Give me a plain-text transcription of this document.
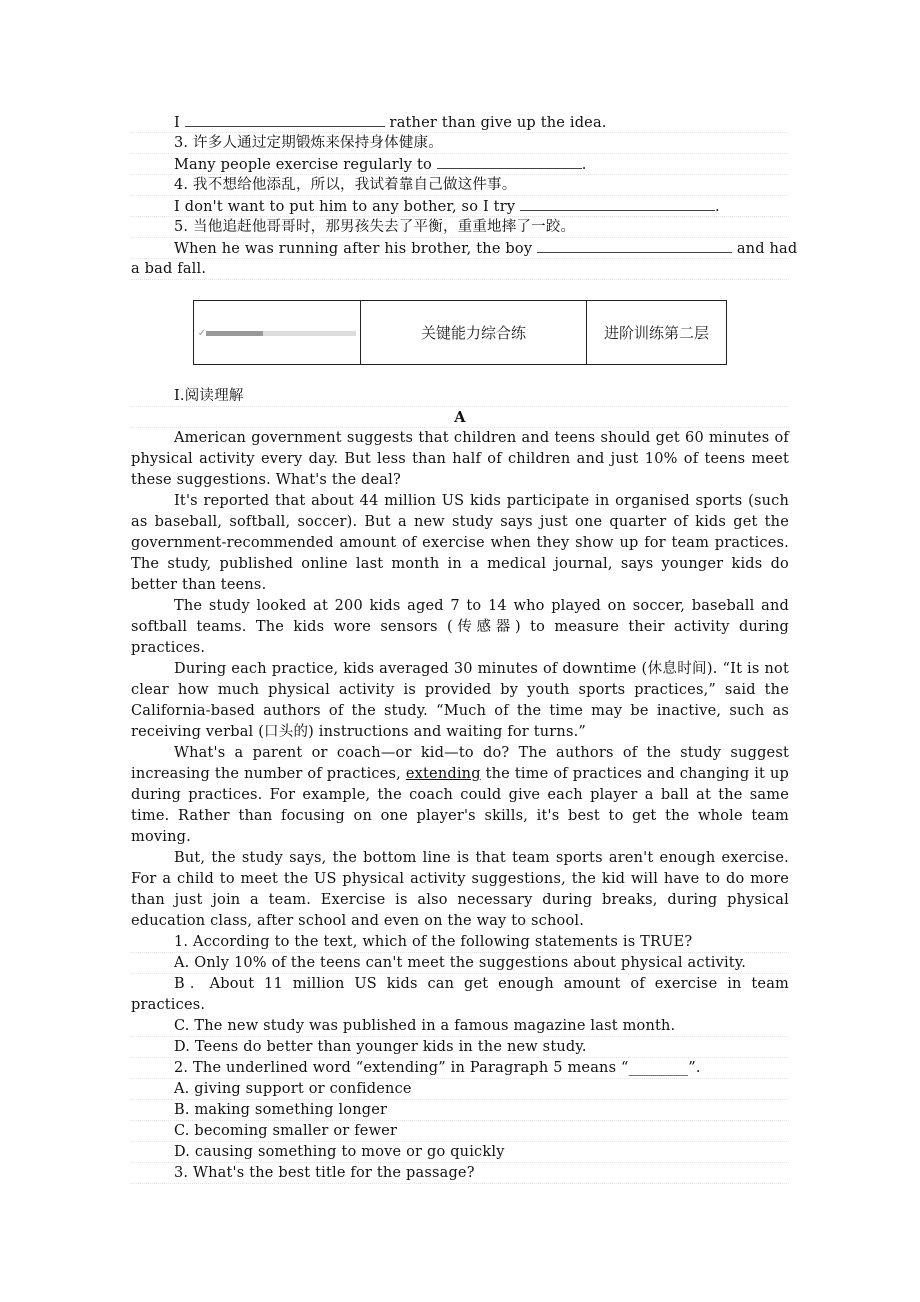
I	rather than give up the idea.
3. 许多人通过定期锻炼来保持身体健康。
Many people exercise regularly to	.
4. 我不想给他添乱，所以，我试着靠自己做这件事。
I don't want to put him to any bother, so I try	.
5. 当他追赶他哥哥时，那男孩失去了平衡，重重地摔了一跤。
When he was running after his brother, the boy	and had
a bad fall.
✓	关键能力综合练	进阶训练第二层
Ⅰ.阅读理解
A
American government suggests that children and teens should get 60 minutes of physical activity every day. But less than half of children and just 10% of teens meet these suggestions. What's the deal?
It's reported that about 44 million US kids participate in organised sports (such as baseball, softball, soccer). But a new study says just one quarter of kids get the government-recommended amount of exercise when they show up for team practices. The study, published online last month in a medical journal, says younger kids do better than teens.
The study looked at 200 kids aged 7 to 14 who played on soccer, baseball and softball teams. The kids wore sensors (传感器) to measure their activity during practices.
During each practice, kids averaged 30 minutes of downtime (休息时间). “It is not clear how much physical activity is provided by youth sports practices,” said the California-based authors of the study. “Much of the time may be inactive, such as receiving verbal (口头的) instructions and waiting for turns.”
What's a parent or coach—or kid—to do? The authors of the study suggest increasing the number of practices, extending the time of practices and changing it up during practices. For example, the coach could give each player a ball at the same time. Rather than focusing on one player's skills, it's best to get the whole team moving.
But, the study says, the bottom line is that team sports aren't enough exercise. For a child to meet the US physical activity suggestions, the kid will have to do more than just join a team. Exercise is also necessary during breaks, during physical education class, after school and even on the way to school.
1. According to the text, which of the following statements is TRUE?
A. Only 10% of the teens can't meet the suggestions about physical activity.
B．About 11 million US kids can get enough amount of exercise in team practices.
C. The new study was published in a famous magazine last month.
D. Teens do better than younger kids in the new study.
2. The underlined word “extending” in Paragraph 5 means “________”.
A. giving support or confidence
B. making something longer
C. becoming smaller or fewer
D. causing something to move or go quickly
3. What's the best title for the passage?
